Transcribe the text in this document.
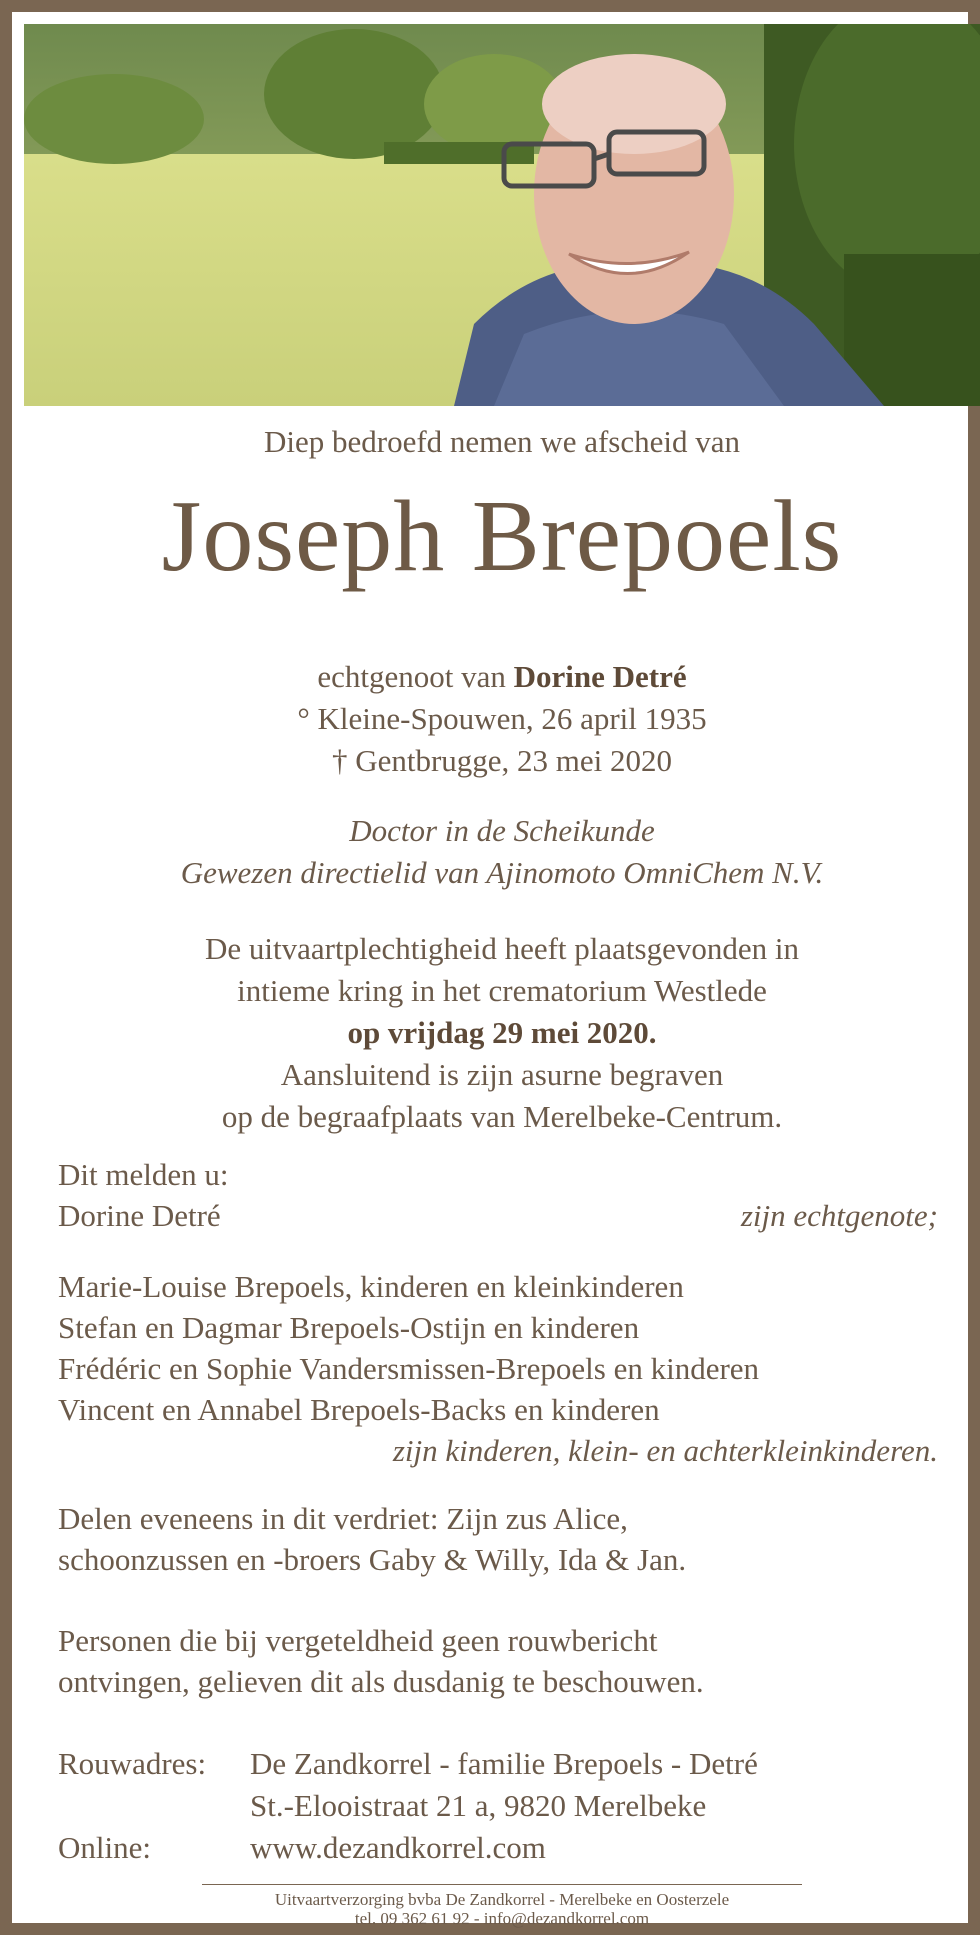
Diep bedroefd nemen we afscheid van
Joseph Brepoels
echtgenoot van Dorine Detré
° Kleine-Spouwen, 26 april 1935
† Gentbrugge, 23 mei 2020
Doctor in de Scheikunde
Gewezen directielid van Ajinomoto OmniChem N.V.
De uitvaartplechtigheid heeft plaatsgevonden in
intieme kring in het crematorium Westlede
op vrijdag 29 mei 2020.
Aansluitend is zijn asurne begraven
op de begraafplaats van Merelbeke-Centrum.
Dit melden u:
Dorine Detré	zijn echtgenote;
Marie-Louise Brepoels, kinderen en kleinkinderen
Stefan en Dagmar Brepoels-Ostijn en kinderen
Frédéric en Sophie Vandersmissen-Brepoels en kinderen
Vincent en Annabel Brepoels-Backs en kinderen
zijn kinderen, klein- en achterkleinkinderen.
Delen eveneens in dit verdriet: Zijn zus Alice,
schoonzussen en -broers Gaby & Willy, Ida & Jan.
Personen die bij vergeteldheid geen rouwbericht
ontvingen, gelieven dit als dusdanig te beschouwen.
Rouwadres:	De Zandkorrel - familie Brepoels - Detré
St.-Elooistraat 21 a, 9820 Merelbeke
Online:	www.dezandkorrel.com
Uitvaartverzorging bvba De Zandkorrel - Merelbeke en Oosterzele
tel. 09 362 61 92 - info@dezandkorrel.com
